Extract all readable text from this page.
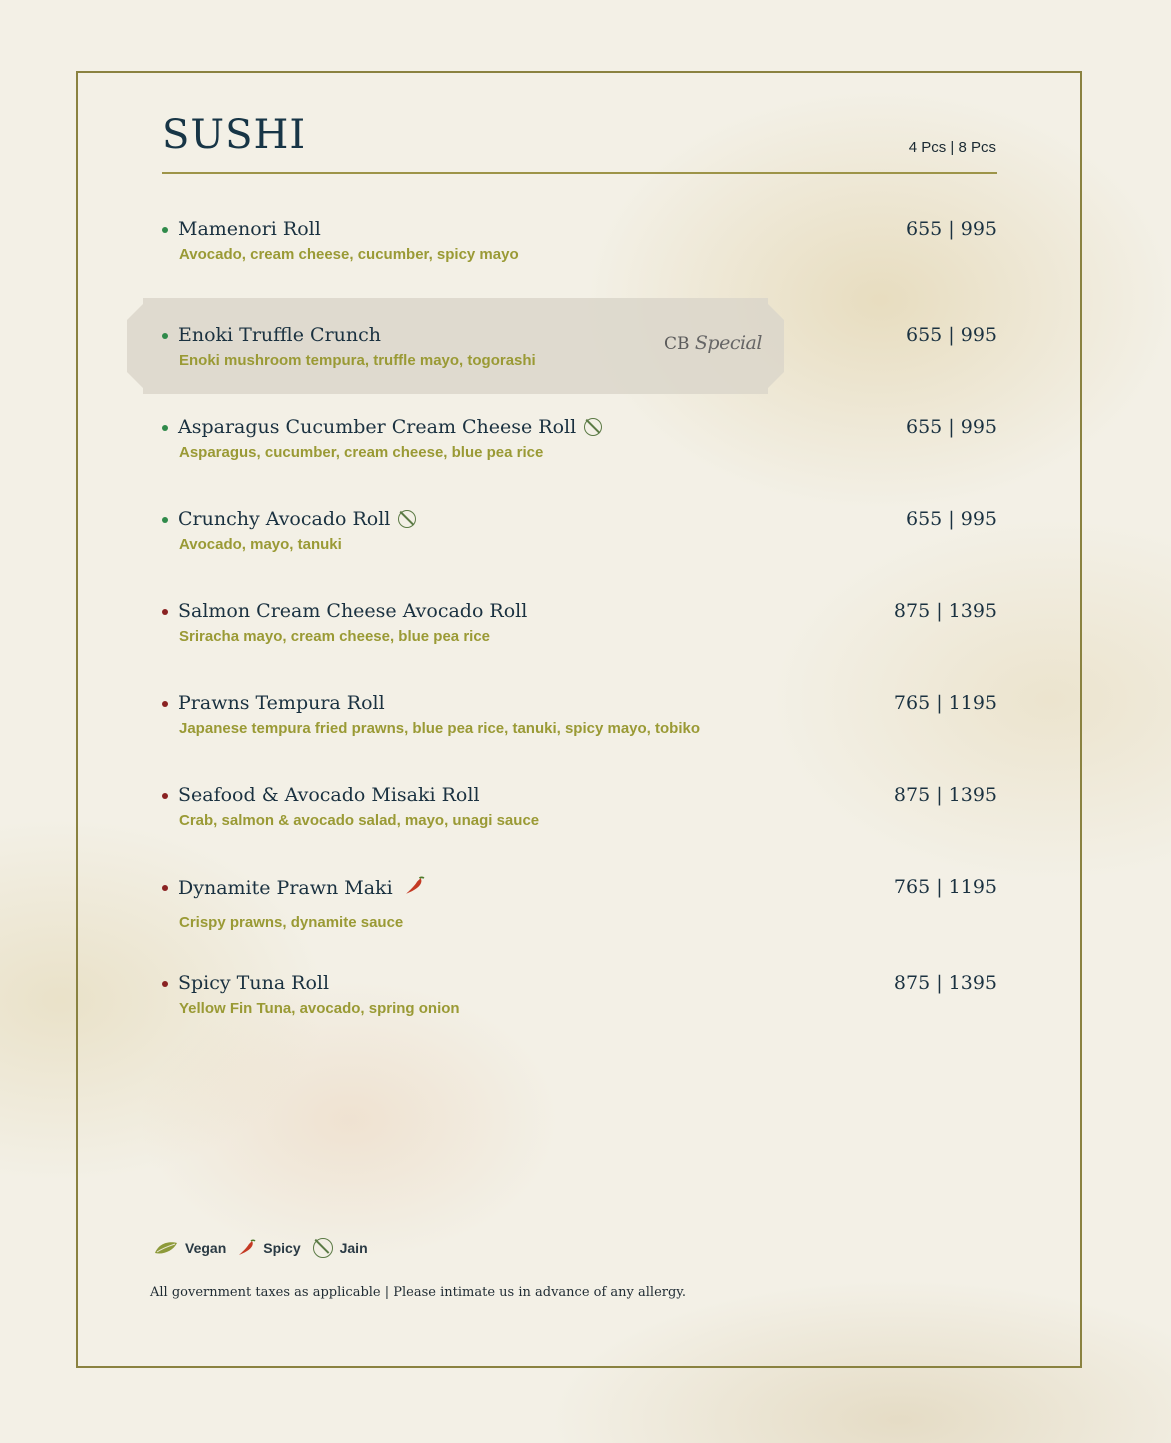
SUSHI	4 Pcs | 8 Pcs
CB Special
Mamenori Roll	655 | 995
Avocado, cream cheese, cucumber, spicy mayo
Enoki Truffle Crunch	655 | 995
Enoki mushroom tempura, truffle mayo, togorashi
Asparagus Cucumber Cream Cheese Roll	655 | 995
Asparagus, cucumber, cream cheese, blue pea rice
Crunchy Avocado Roll	655 | 995
Avocado, mayo, tanuki
Salmon Cream Cheese Avocado Roll	875 | 1395
Sriracha mayo, cream cheese, blue pea rice
Prawns Tempura Roll	765 | 1195
Japanese tempura fried prawns, blue pea rice, tanuki, spicy mayo, tobiko
Seafood & Avocado Misaki Roll	875 | 1395
Crab, salmon & avocado salad, mayo, unagi sauce
Dynamite Prawn Maki	765 | 1195
Crispy prawns, dynamite sauce
Spicy Tuna Roll	875 | 1395
Yellow Fin Tuna, avocado, spring onion
Vegan	Spicy	Jain
All government taxes as applicable | Please intimate us in advance of any allergy.
